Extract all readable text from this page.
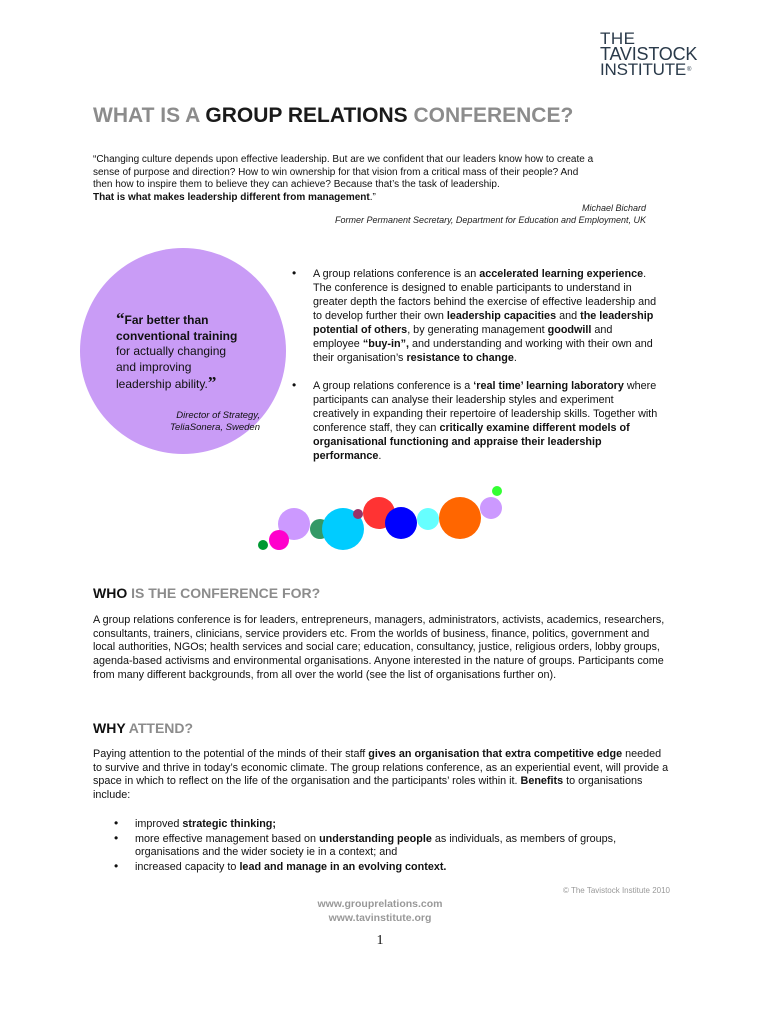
THE
TAVISTOCK
INSTITUTE®
WHAT IS A GROUP RELATIONS CONFERENCE?

“Changing culture depends upon effective leadership. But are we confident that our leaders know how to create a

sense of purpose and direction? How to win ownership for that vision from a critical mass of their people? And

then how to inspire them to believe they can achieve? Because that’s the task of leadership.

That is what makes leadership different from management.”

Michael Bichard
Former Permanent Secretary, Department for Education and Employment, UK
“Far better than
conventional training
for actually changing
and improving
leadership ability.”
Director of Strategy,
TeliaSonera, Sweden
• A group relations conference is an accelerated learning experience. The conference is designed to enable participants to understand in greater depth the factors behind the exercise of effective leadership and to develop further their own leadership capacities and the leadership potential of others, by generating management goodwill and employee “buy-in”, and understanding and working with their own and their organisation’s resistance to change.
• A group relations conference is a ‘real time’ learning laboratory where participants can analyse their leadership styles and experiment creatively in expanding their repertoire of leadership skills. Together with conference staff, they can critically examine different models of organisational functioning and appraise their leadership performance.
WHO IS THE CONFERENCE FOR?
A group relations conference is for leaders, entrepreneurs, managers, administrators, activists, academics, researchers, consultants, trainers, clinicians, service providers etc. From the worlds of business, finance, politics, government and local authorities, NGOs; health services and social care; education, consultancy, justice, religious orders, lobby groups, agenda-based activisms and environmental organisations. Anyone interested in the nature of groups. Participants come from many different backgrounds, from all over the world (see the list of organisations further on).
WHY ATTEND?
Paying attention to the potential of the minds of their staff gives an organisation that extra competitive edge needed to survive and thrive in today’s economic climate. The group relations conference, as an experiential event, will provide a space in which to reflect on the life of the organisation and the participants’ roles within it. Benefits to organisations include:
• improved strategic thinking;
• more effective management based on understanding people as individuals, as members of groups, organisations and the wider society ie in a context; and
• increased capacity to lead and manage in an evolving context.
© The Tavistock Institute 2010
www.grouprelations.com
www.tavinstitute.org
1
